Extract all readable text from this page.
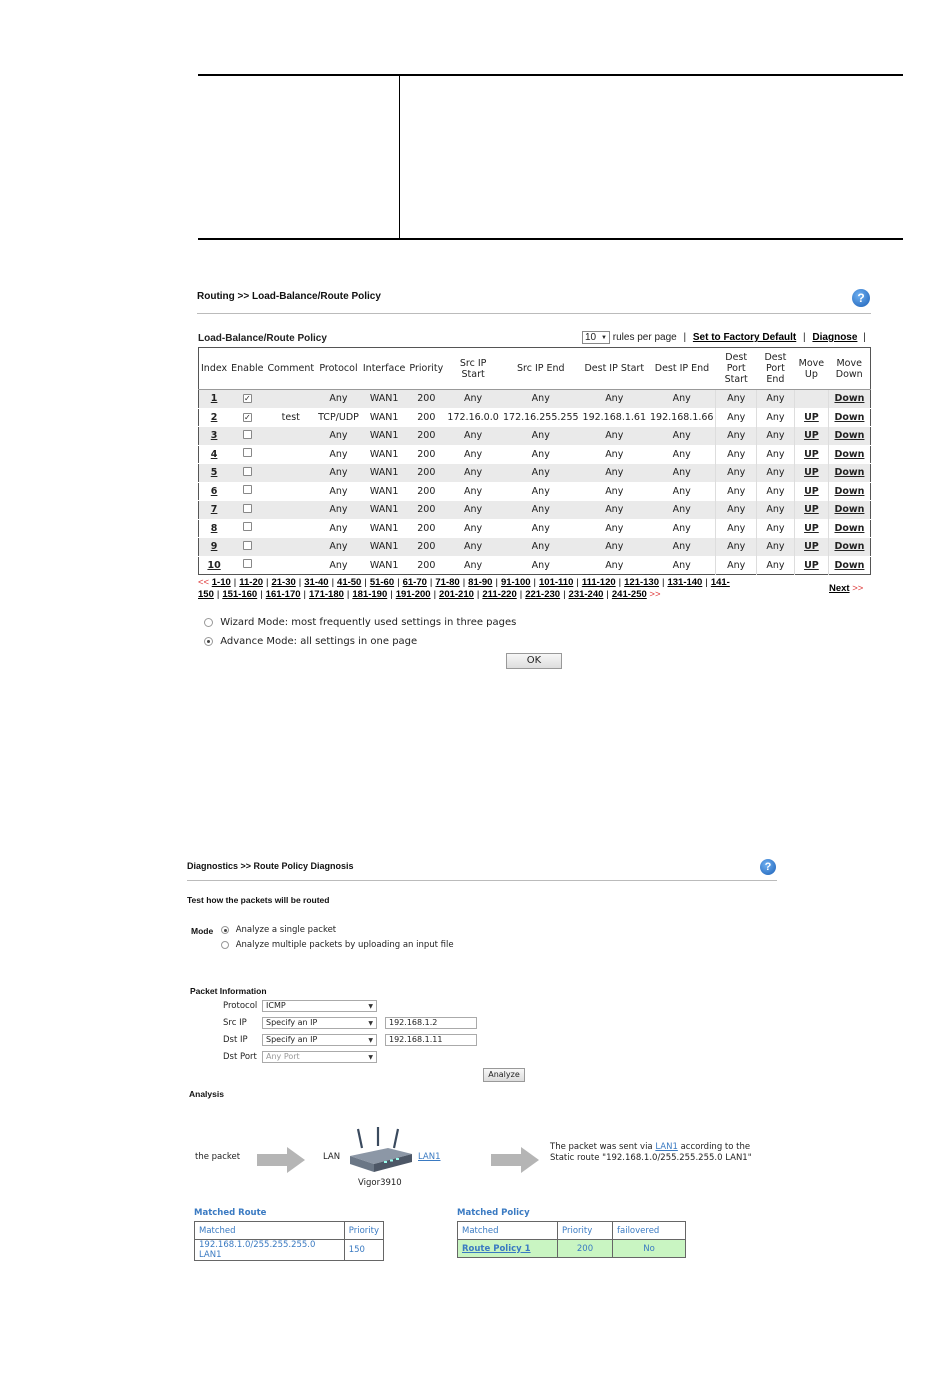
Routing >> Load-Balance/Route Policy	?
Load-Balance/Route Policy	10 ▼ rules per page | Set to Factory Default | Diagnose |
Index	Enable	Comment	Protocol	Interface	Priority	Src IP Start	Src IP End	Dest IP Start	Dest IP End	Dest Port Start	Dest Port End	Move Up	Move Down
1	✓		Any	WAN1	200	Any	Any	Any	Any	Any	Any		Down
2	✓	test	TCP/UDP	WAN1	200	172.16.0.0	172.16.255.255	192.168.1.61	192.168.1.66	Any	Any	UP	Down
3			Any	WAN1	200	Any	Any	Any	Any	Any	Any	UP	Down
4			Any	WAN1	200	Any	Any	Any	Any	Any	Any	UP	Down
5			Any	WAN1	200	Any	Any	Any	Any	Any	Any	UP	Down
6			Any	WAN1	200	Any	Any	Any	Any	Any	Any	UP	Down
7			Any	WAN1	200	Any	Any	Any	Any	Any	Any	UP	Down
8			Any	WAN1	200	Any	Any	Any	Any	Any	Any	UP	Down
9			Any	WAN1	200	Any	Any	Any	Any	Any	Any	UP	Down
10			Any	WAN1	200	Any	Any	Any	Any	Any	Any	UP	Down
<< 1-10 | 11-20 | 21-30 | 31-40 | 41-50 | 51-60 | 61-70 | 71-80 | 81-90 | 91-100 | 101-110 | 111-120 | 121-130 | 131-140 | 141-
150 | 151-160 | 161-170 | 171-180 | 181-190 | 191-200 | 201-210 | 211-220 | 221-230 | 231-240 | 241-250 >>
Next >>
Wizard Mode: most frequently used settings in three pages
Advance Mode: all settings in one page
OK
Diagnostics >> Route Policy Diagnosis	?
Test how the packets will be routed
Mode	Analyze a single packet
Analyze multiple packets by uploading an input file
Packet Information
Protocol	ICMP ▼
Src IP	Specify an IP ▼	192.168.1.2
Dst IP	Specify an IP ▼	192.168.1.11
Dst Port	Any Port ▼
Analyze
Analysis
the packet	LAN	LAN1
Vigor3910
The packet was sent via LAN1 according to the
Static route "192.168.1.0/255.255.255.0 LAN1"
Matched Route
Matched	Priority
192.168.1.0/255.255.255.0 LAN1	150
Matched Policy
Matched	Priority	failovered
Route Policy 1	200	No
